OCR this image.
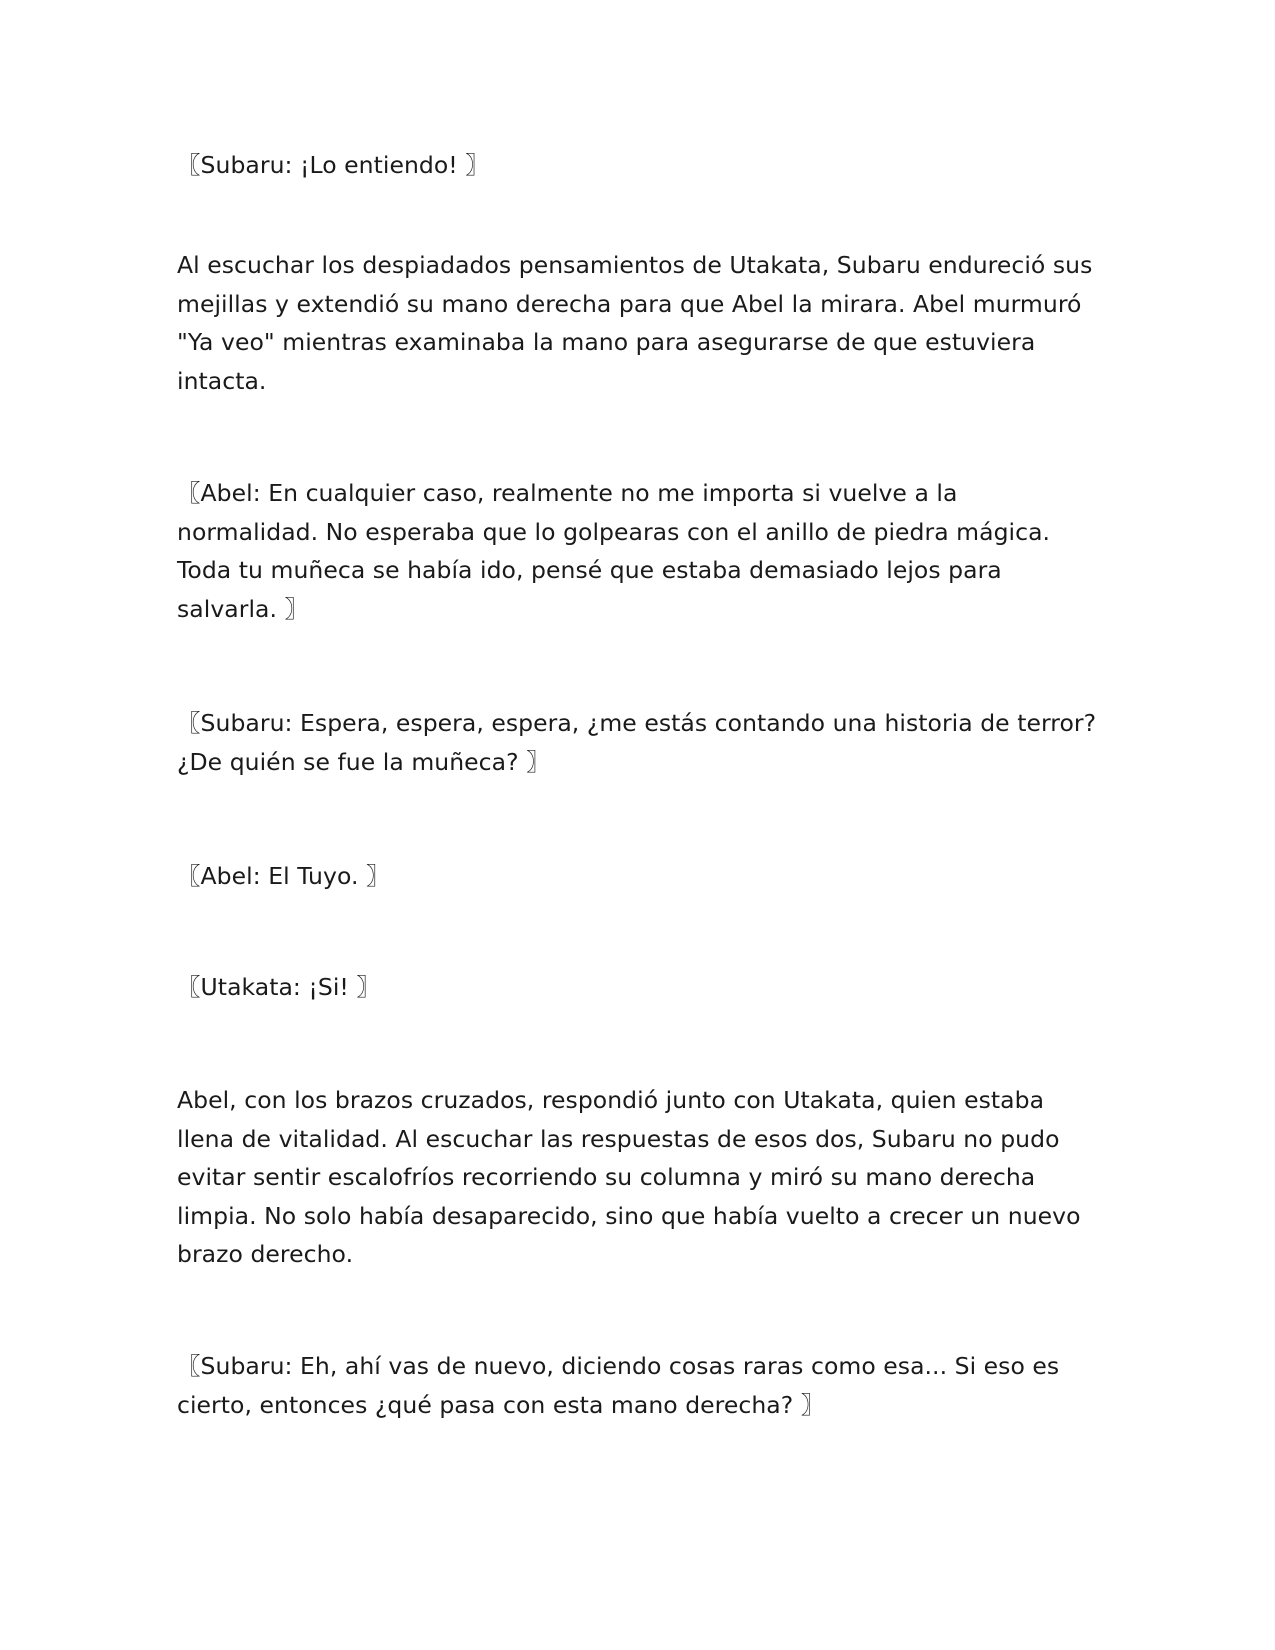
〖Subaru: ¡Lo entiendo! 〗

Al escuchar los despiadados pensamientos de Utakata, Subaru endureció sus
mejillas y extendió su mano derecha para que Abel la mirara. Abel murmuró
"Ya veo" mientras examinaba la mano para asegurarse de que estuviera
intacta.

〖Abel: En cualquier caso, realmente no me importa si vuelve a la
normalidad. No esperaba que lo golpearas con el anillo de piedra mágica.
Toda tu muñeca se había ido, pensé que estaba demasiado lejos para
salvarla. 〗

〖Subaru: Espera, espera, espera, ¿me estás contando una historia de terror?
¿De quién se fue la muñeca? 〗

〖Abel: El Tuyo. 〗

〖Utakata: ¡Si! 〗

Abel, con los brazos cruzados, respondió junto con Utakata, quien estaba
llena de vitalidad. Al escuchar las respuestas de esos dos, Subaru no pudo
evitar sentir escalofríos recorriendo su columna y miró su mano derecha
limpia. No solo había desaparecido, sino que había vuelto a crecer un nuevo
brazo derecho.

〖Subaru: Eh, ahí vas de nuevo, diciendo cosas raras como esa... Si eso es
cierto, entonces ¿qué pasa con esta mano derecha? 〗
